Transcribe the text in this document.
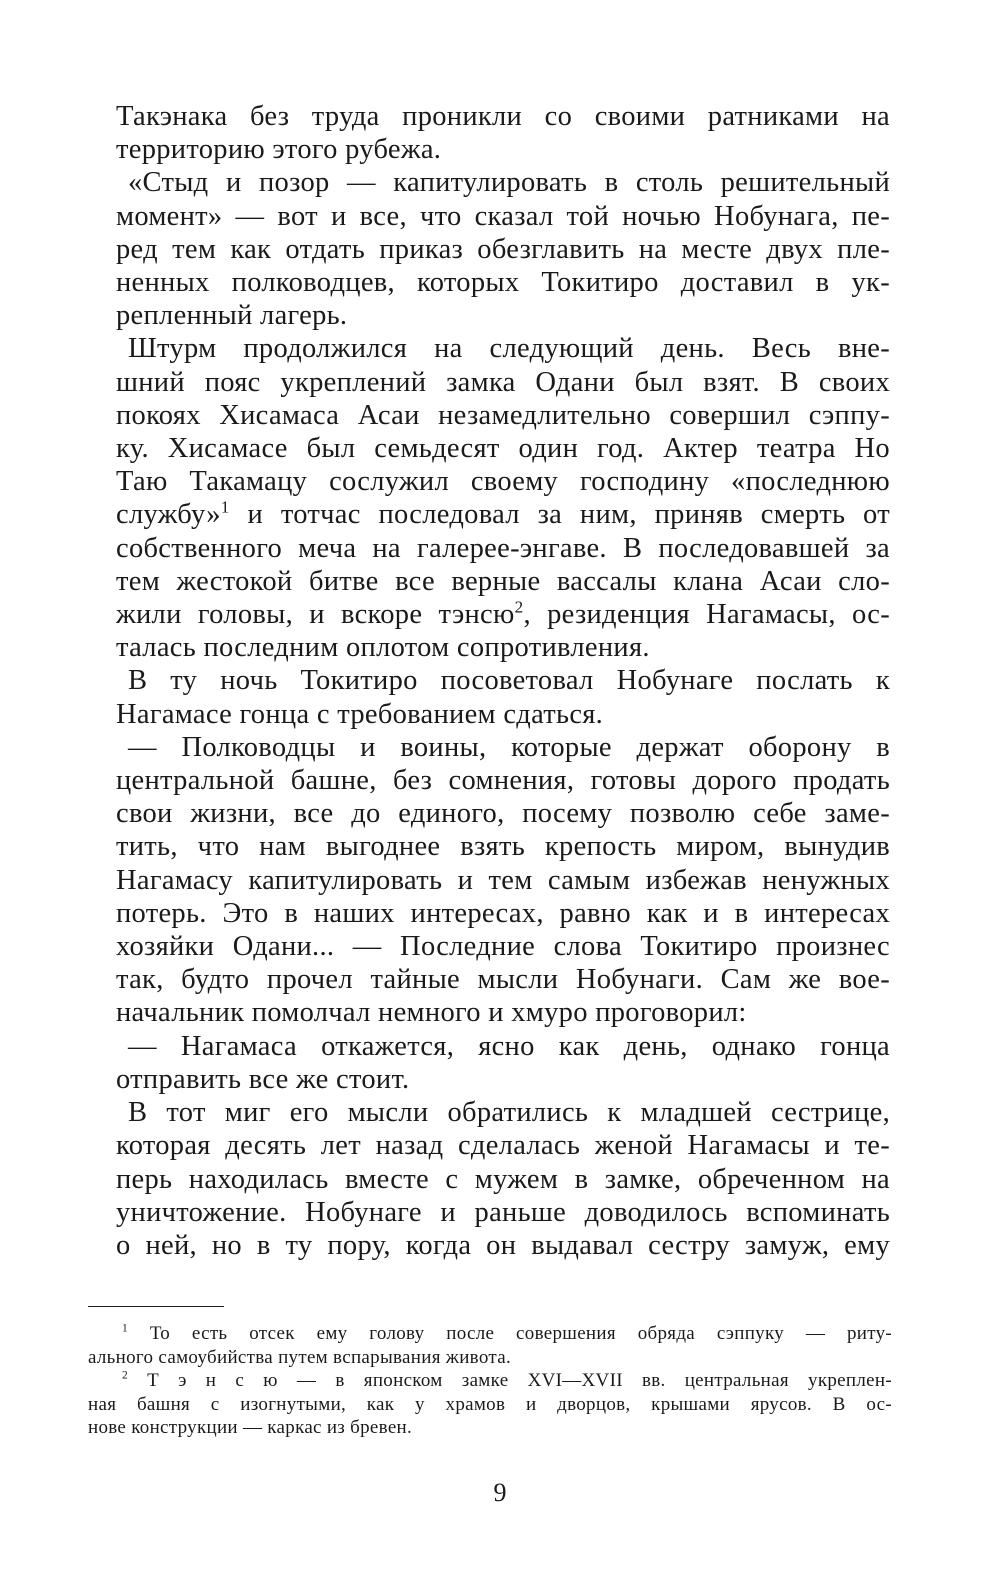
Такэнака без труда проникли со своими ратниками на
территорию этого рубежа.
«Стыд и позор — капитулировать в столь решительный
момент» — вот и все, что сказал той ночью Нобунага, пе-
ред тем как отдать приказ обезглавить на месте двух пле-
ненных полководцев, которых Токитиро доставил в ук-
репленный лагерь.
Штурм продолжился на следующий день. Весь вне-
шний пояс укреплений замка Одани был взят. В своих
покоях Хисамаса Асаи незамедлительно совершил сэппу-
ку. Хисамасе был семьдесят один год. Актер театра Но
Таю Такамацу сослужил своему господину «последнюю
службу»$^1$ и тотчас последовал за ним, приняв смерть от
собственного меча на галерее-энгаве. В последовавшей за
тем жестокой битве все верные вассалы клана Асаи сло-
жили головы, и вскоре тэнсю$^2$, резиденция Нагамасы, ос-
талась последним оплотом сопротивления.
В ту ночь Токитиро посоветовал Нобунаге послать к
Нагамасе гонца с требованием сдаться.
— Полководцы и воины, которые держат оборону в
центральной башне, без сомнения, готовы дорого продать
свои жизни, все до единого, посему позволю себе заме-
тить, что нам выгоднее взять крепость миром, вынудив
Нагамасу капитулировать и тем самым избежав ненужных
потерь. Это в наших интересах, равно как и в интересах
хозяйки Одани... — Последние слова Токитиро произнес
так, будто прочел тайные мысли Нобунаги. Сам же вое-
начальник помолчал немного и хмуро проговорил:
— Нагамаса откажется, ясно как день, однако гонца
отправить все же стоит.
В тот миг его мысли обратились к младшей сестрице,
которая десять лет назад сделалась женой Нагамасы и те-
перь находилась вместе с мужем в замке, обреченном на
уничтожение. Нобунаге и раньше доводилось вспоминать
о ней, но в ту пору, когда он выдавал сестру замуж, ему
$^1$ То есть отсек ему голову после совершения обряда сэппуку — риту-
ального самоубийства путем вспарывания живота.
$^2$ Т э н с ю — в японском замке XVI—XVII вв. центральная укреплен-
ная башня с изогнутыми, как у храмов и дворцов, крышами ярусов. В ос-
нове конструкции — каркас из бревен.
9
